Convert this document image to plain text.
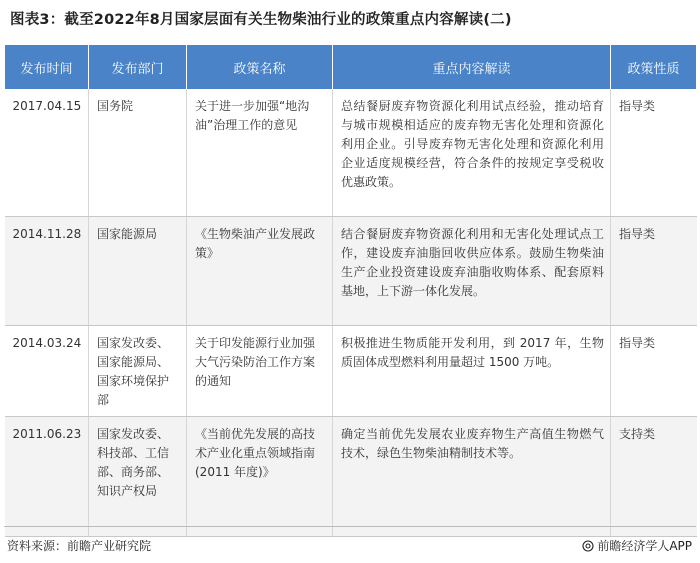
图表3：截至2022年8月国家层面有关生物柴油行业的政策重点内容解读(二)
发布时间	发布部门	政策名称	重点内容解读	政策性质
2017.04.15	国务院	关于进一步加强“地沟油”治理工作的意见	总结餐厨废弃物资源化利用试点经验，推动培育与城市规模相适应的废弃物无害化处理和资源化利用企业。引导废弃物无害化处理和资源化利用企业适度规模经营，符合条件的按规定享受税收优惠政策。	指导类
2014.11.28	国家能源局	《生物柴油产业发展政策》	结合餐厨废弃物资源化利用和无害化处理试点工作，建设废弃油脂回收供应体系。鼓励生物柴油生产企业投资建设废弃油脂收购体系、配套原料基地，上下游一体化发展。	指导类
2014.03.24	国家发改委、国家能源局、国家环境保护部	关于印发能源行业加强大气污染防治工作方案的通知	积极推进生物质能开发利用，到 2017 年，生物质固体成型燃料利用量超过 1500 万吨。	指导类
2011.06.23	国家发改委、科技部、工信部、商务部、知识产权局	《当前优先发展的高技术产业化重点领域指南(2011 年度)》	确定当前优先发展农业废弃物生产高值生物燃气技术，绿色生物柴油精制技术等。	支持类
资料来源：前瞻产业研究院	前瞻经济学人APP
